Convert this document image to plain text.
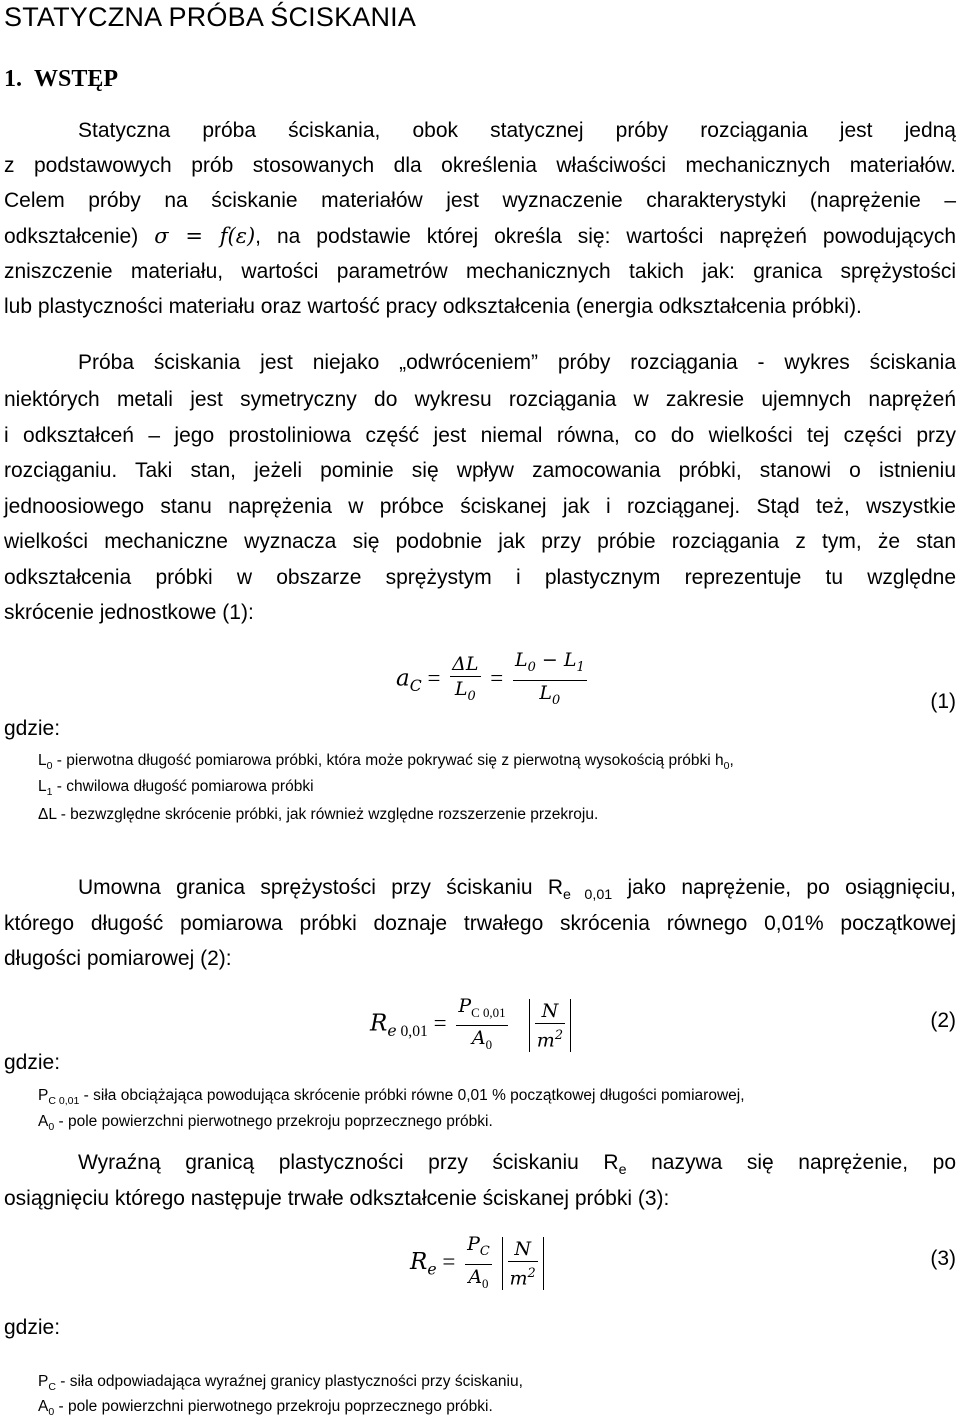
STATYCZNA PRÓBA ŚCISKANIA
1.  WSTĘP
Statyczna próba ściskania, obok statycznej próby rozciągania jest jedną
z podstawowych prób stosowanych dla określenia właściwości mechanicznych materiałów.
Celem próby na ściskanie materiałów jest wyznaczenie charakterystyki (naprężenie –
odkształcenie) σ = f(ε), na podstawie której określa się: wartości naprężeń powodujących
zniszczenie materiału, wartości parametrów mechanicznych takich jak: granica sprężystości
lub plastyczności materiału oraz wartość pracy odkształcenia (energia odkształcenia próbki).
Próba ściskania jest niejako „odwróceniem” próby rozciągania - wykres ściskania
niektórych metali jest symetryczny do wykresu rozciągania w zakresie ujemnych naprężeń
i odkształceń – jego prostoliniowa część jest niemal równa, co do wielkości tej części przy
rozciąganiu. Taki stan, jeżeli pominie się wpływ zamocowania próbki, stanowi o istnieniu
jednoosiowego stanu naprężenia w próbce ściskanej jak i rozciąganej. Stąd też, wszystkie
wielkości mechaniczne wyznacza się podobnie jak przy próbie rozciągania z tym, że stan
odkształcenia próbki w obszarze sprężystym i plastycznym reprezentuje tu względne
skrócenie jednostkowe (1):
$a_C = \frac{\Delta L}{L_0} = \frac{L_0 - L_1}{L_0}$	(1)
gdzie:
$L_0$ - pierwotna długość pomiarowa próbki, która może pokrywać się z pierwotną wysokością próbki $h_0$,
$L_1$ - chwilowa długość pomiarowa próbki
ΔL - bezwzględne skrócenie próbki, jak również względne rozszerzenie przekroju.
Umowna granica sprężystości przy ściskaniu $R_{e 0,01}$ jako naprężenie, po osiągnięciu,
którego długość pomiarowa próbki doznaje trwałego skrócenia równego 0,01% początkowej
długości pomiarowej (2):
$R_{e 0,01} = \frac{P_{C 0,01}}{A_0}$
$\frac{N}{m^2}$	(2)
gdzie:
$P_{C 0,01}$ - siła obciążająca powodująca skrócenie próbki równe 0,01 % początkowej długości pomiarowej,
$A_0$ - pole powierzchni pierwotnego przekroju poprzecznego próbki.
Wyraźną granicą plastyczności przy ściskaniu $R_e$ nazywa się naprężenie, po
osiągnięciu którego następuje trwałe odkształcenie ściskanej próbki (3):
$R_e = \frac{P_C}{A_0}$
$\frac{N}{m^2}$	(3)
gdzie:
$P_C$ - siła odpowiadająca wyraźnej granicy plastyczności przy ściskaniu,
$A_0$ - pole powierzchni pierwotnego przekroju poprzecznego próbki.
